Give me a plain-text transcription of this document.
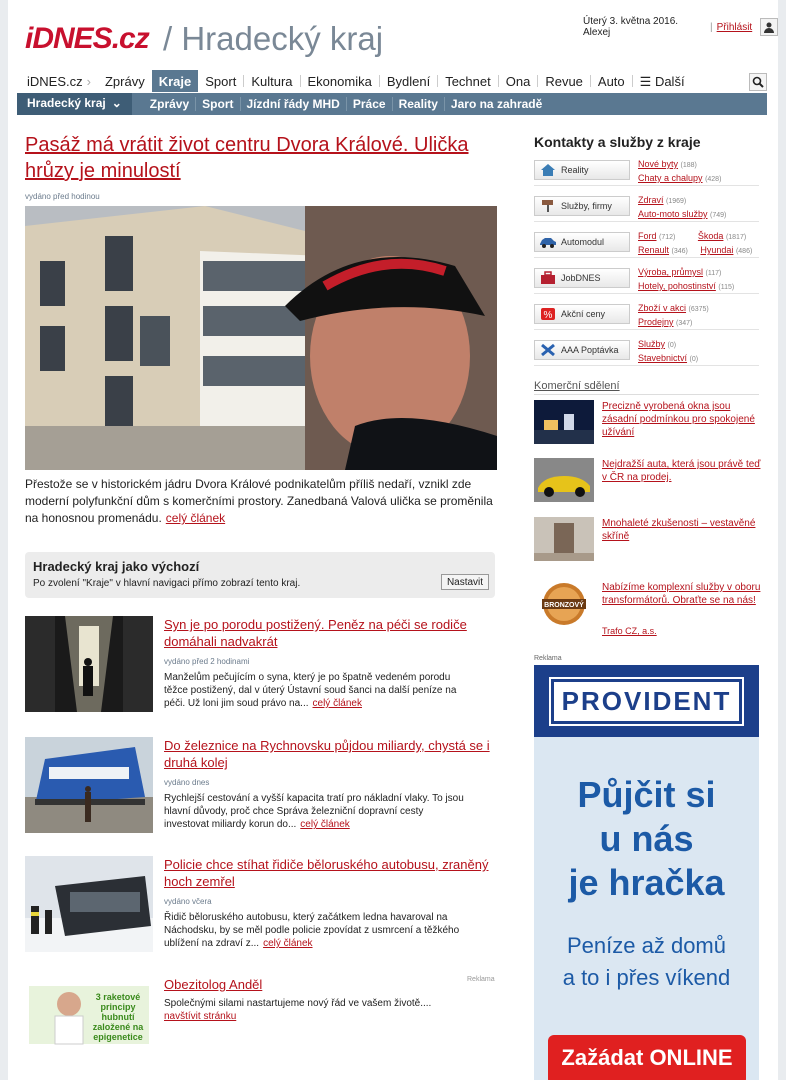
iDNES.cz / Hradecký kraj	Úterý 3. května 2016. Alexej	| Přihlásit
iDNES.cz ›	Zprávy	Kraje	Sport	Kultura	Ekonomika	Bydlení	Technet	Ona	Revue	Auto	☰ Další
Hradecký kraj ⌄	Zprávy	Sport	Jízdní řády MHD	Práce	Reality	Jaro na zahradě
Pasáž má vrátit život centru Dvora Králové. Ulička hrůzy je minulostí
vydáno před hodinou
Přestože se v historickém jádru Dvora Králové podnikatelům příliš nedaří, vznikl zde moderní polyfunkční dům s komerčními prostory. Zanedbaná Valová ulička se proměnila na honosnou promenádu. celý článek
Hradecký kraj jako výchozí
Po zvolení "Kraje" v hlavní navigaci přímo zobrazí tento kraj.	Nastavit
Syn je po porodu postižený. Peněz na péči se rodiče domáhali nadvakrát
vydáno před 2 hodinami
Manželům pečujícím o syna, který je po špatně vedeném porodu těžce postižený, dal v úterý Ústavní soud šanci na další peníze na péči. Už loni jim soud právo na... celý článek
Do železnice na Rychnovsku půjdou miliardy, chystá se i druhá kolej
vydáno dnes
Rychlejší cestování a vyšší kapacita tratí pro nákladní vlaky. To jsou hlavní důvody, proč chce Správa železniční dopravní cesty investovat miliardy korun do... celý článek
Policie chce stíhat řidiče běloruského autobusu, zraněný hoch zemřel
vydáno včera
Řidič běloruského autobusu, který začátkem ledna havaroval na Náchodsku, by se měl podle policie zpovídat z usmrcení a těžkého ublížení na zdraví z... celý článek
3 raketové principy hubnutí založené na epigenetice
Obezitolog Anděl	Reklama
Společnými silami nastartujeme nový řád ve vašem životě....
navštívit stránku
Kontakty a služby z kraje
Reality
Nové byty (188)
Chaty a chalupy (428)
Služby, firmy
Zdraví (1969)
Auto-moto služby (749)
Automodul
Ford (712)	Škoda (1817)
Renault (346) Hyundai (486)
JobDNES
Výroba, průmysl (117)
Hotely, pohostinství (115)
% Akční ceny
Zboží v akci (6375)
Prodejny (347)
AAA Poptávka
Služby (0)
Stavebnictví (0)
Komerční sdělení
Precizně vyrobená okna jsou zásadní podmínkou pro spokojené užívání
Nejdražší auta, která jsou právě teď v ČR na prodej.
Mnohaleté zkušenosti – vestavěné skříně
BRONZOVÝ
Nabízíme komplexní služby v oboru transformátorů. Obraťte se na nás!
Trafo CZ, a.s.
Reklama
PROVIDENT
Půjčit si
u nás
je hračka
Peníze až domů
a to i přes víkend
Zažádat ONLINE
